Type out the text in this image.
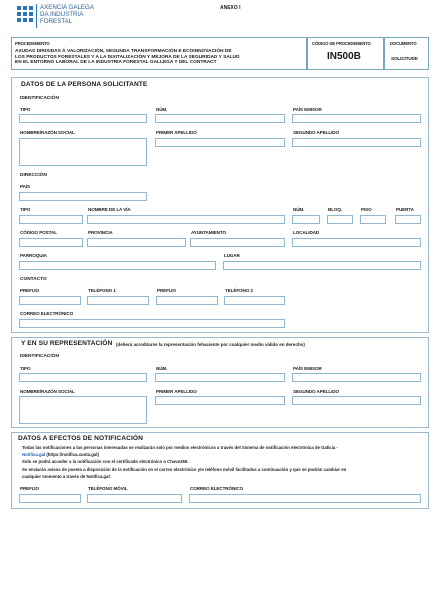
AXENCIA GALEGA
DA INDUSTRIA
FORESTAL
ANEXO I
PROCEDEMENTO
AXUDAS DIRIXIDAS Á VALORIZACIÓN, SEGUNDA TRANSFORMACIÓN E ECOINNOVACIÓN DE
LOS PRODUCTOS FORESTALES Y A LA DIXITALIZACIÓN Y MEJORA DE LA SEGURIDAD Y SALUD
EN EL ENTORNO LABORAL DE LA INDUSTRIA FORESTAL GALLEGA Y DEL CONTRACT
CÓDIGO DE PROCEDEMENTO
IN500B
DOCUMENTO
SOLICITUDE
DATOS DE LA PERSONA SOLICITANTE
IDENTIFICACIÓN
TIPO	NÚM.	PAÍS EMISOR
NOMBRE/RAZÓN SOCIAL	PRIMER APELLIDO	SEGUNDO APELLIDO
DIRECCIÓN
PAÍS
TIPO	NOMBRE DE LA VÍA	NÚM.	BLOQ.	PISO	PUERTA
CÓDIGO POSTAL	PROVINCIA	AYUNTAMIENTO	LOCALIDAD
PARROQUIA	LUGAR
CONTACTO
PREFIJO	TELÉFONO 1	PREFIJO	TELÉFONO 2
CORREO ELECTRÓNICO
Y EN SU REPRESENTACIÓN (deberá acreditarse la representación fehaciente por cualquier medio válido en derecho)
IDENTIFICACIÓN
TIPO	NÚM.	PAÍS EMISOR
NOMBRE/RAZÓN SOCIAL	PRIMER APELLIDO	SEGUNDO APELLIDO
DATOS A EFECTOS DE NOTIFICACIÓN
Todas las notificaciones a las personas interesadas se realizarán solo por medios electrónicos a través del Sistema de notificación electrónica de Galicia -
Notifica.gal (https://notifica.xunta.gal)
Solo se podrá acceder a la notificación con el certificado electrónico o Chave365.
Se enviarán avisos de puesta a disposición de la notificación en el correo electrónico y/o teléfono móvil facilitados a continuación y que se podrán cambiar en
cualquier momento a través de Notifica.gal:
PREFIJO	TELÉFONO MÓVIL	CORREO ELECTRÓNICO
